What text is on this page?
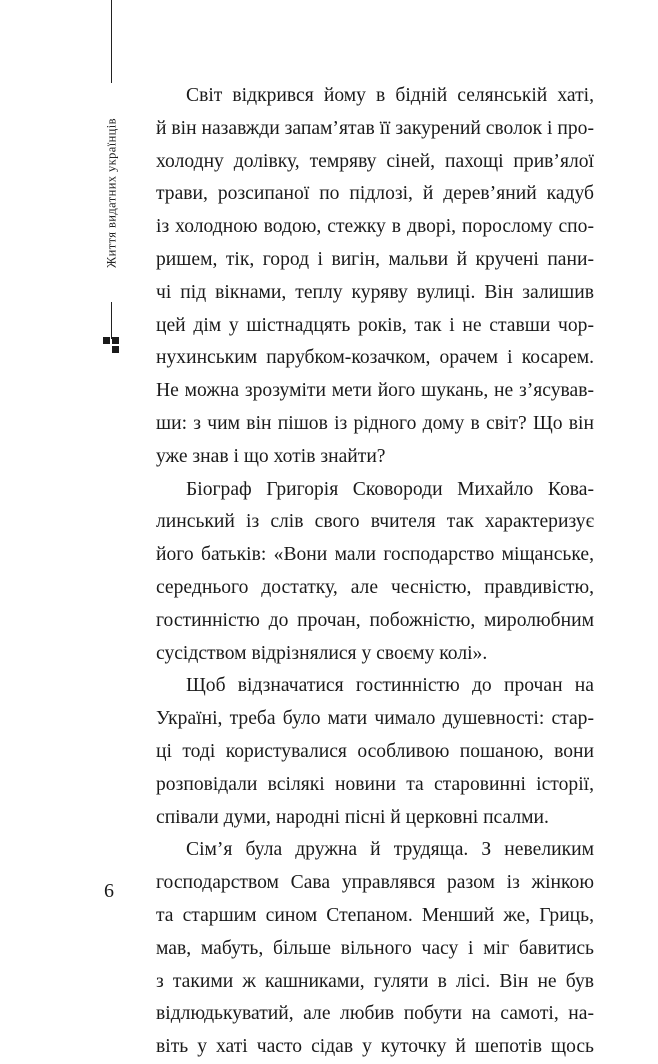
Життя видатних українців
6
Світ відкрився йому в бідній селянській хаті,
й він назавжди запам’ятав її закурений сволок і про-
холодну долівку, темряву сіней, пахощі прив’ялої
трави, розсипаної по підлозі, й дерев’яний кадуб
із холодною водою, стежку в дворі, порослому спо-
ришем, тік, город і вигін, мальви й кручені пани-
чі під вікнами, теплу куряву вулиці. Він залишив
цей дім у шістнадцять років, так і не ставши чор-
нухинським парубком-козачком, орачем і косарем.
Не можна зрозуміти мети його шукань, не з’ясував-
ши: з чим він пішов із рідного дому в світ? Що він
уже знав і що хотів знайти?
Біограф Григорія Сковороди Михайло Кова-
линський із слів свого вчителя так характеризує
його батьків: «Вони мали господарство міщанське,
середнього достатку, але чесністю, правдивістю,
гостинністю до прочан, побожністю, миролюбним
сусідством відрізнялися у своєму колі».
Щоб відзначатися гостинністю до прочан на
Україні, треба було мати чимало душевності: стар-
ці тоді користувалися особливою пошаною, вони
розповідали всілякі новини та старовинні історії,
співали думи, народні пісні й церковні псалми.
Сім’я була дружна й трудяща. З невеликим
господарством Сава управлявся разом із жінкою
та старшим сином Степаном. Менший же, Гриць,
мав, мабуть, більше вільного часу і міг бавитись
з такими ж кашниками, гуляти в лісі. Він не був
відлюдькуватий, але любив побути на самоті, на-
віть у хаті часто сідав у куточку й шепотів щось
